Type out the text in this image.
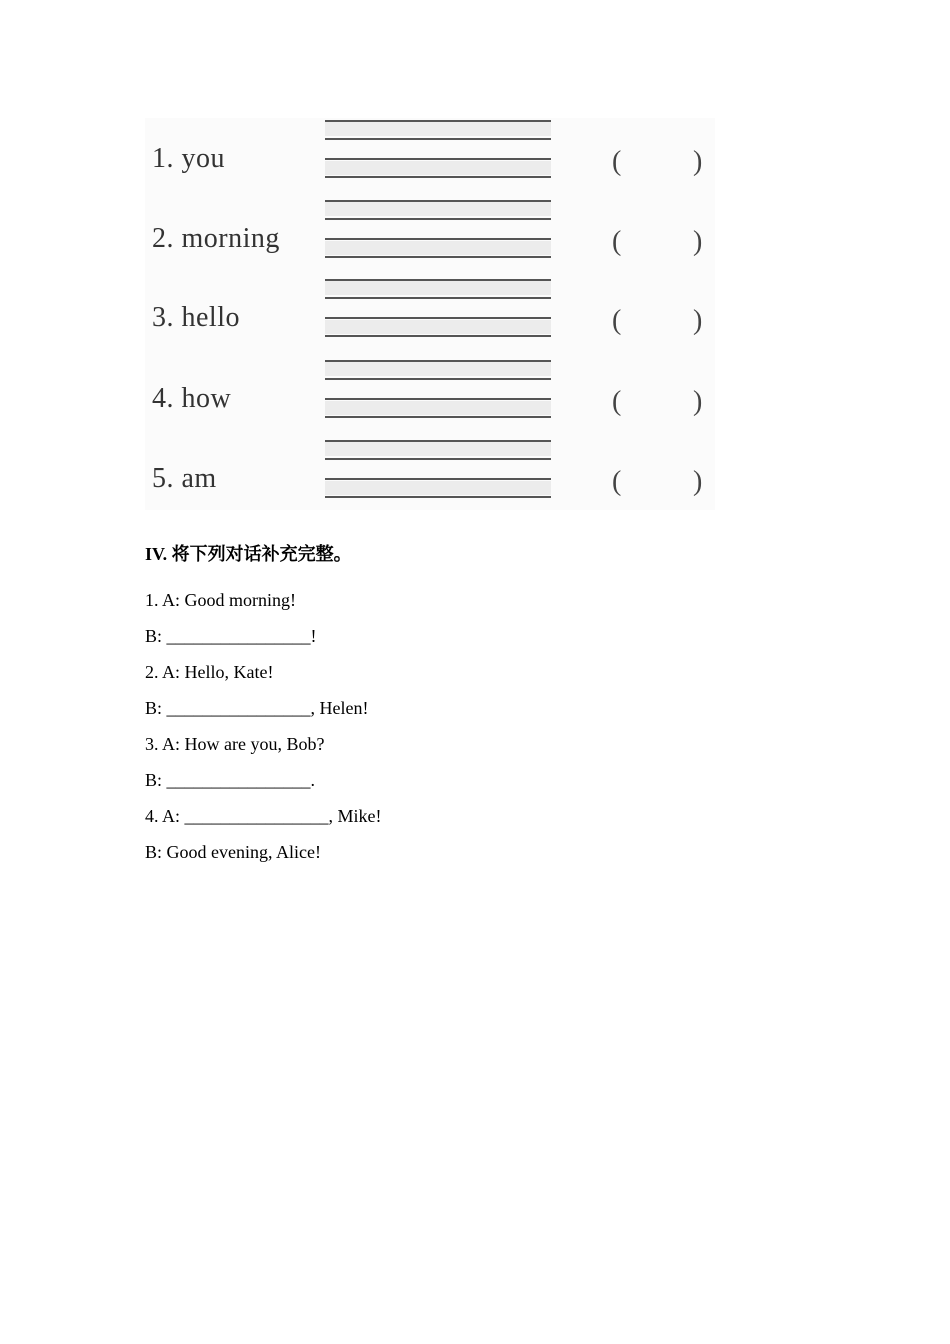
1. you	(	)
2. morning	(	)
3. hello	(	)
4. how	(	)
5. am	(	)
IV. 将下列对话补充完整。
1. A: Good morning!
B: ________________!
2. A: Hello, Kate!
B: ________________, Helen!
3. A: How are you, Bob?
B: ________________.
4. A: ________________, Mike!
B: Good evening, Alice!
